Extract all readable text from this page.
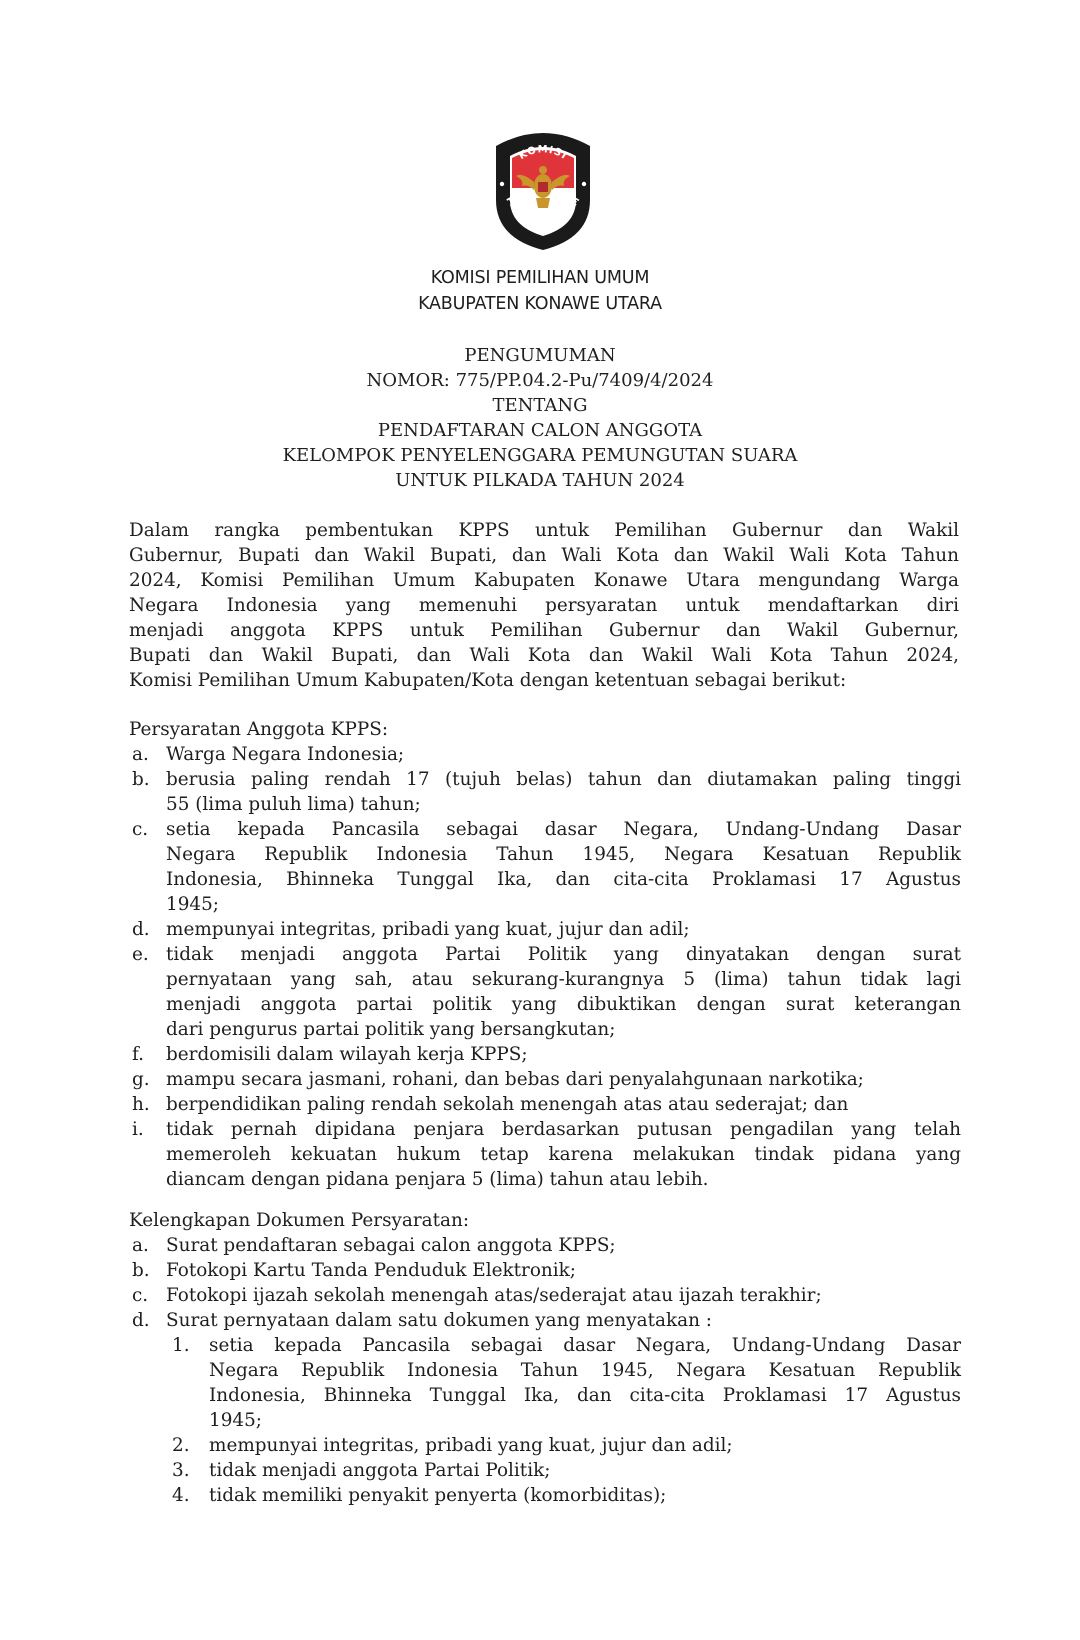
KOMISI
PEMILIHAN UMUM
KOMISI PEMILIHAN UMUM
KABUPATEN KONAWE UTARA
PENGUMUMAN
NOMOR: 775/PP.04.2-Pu/7409/4/2024
TENTANG
PENDAFTARAN CALON ANGGOTA
KELOMPOK PENYELENGGARA PEMUNGUTAN SUARA
UNTUK PILKADA TAHUN 2024
Dalam rangka pembentukan KPPS untuk Pemilihan Gubernur dan Wakil
Gubernur, Bupati dan Wakil Bupati, dan Wali Kota dan Wakil Wali Kota Tahun
2024, Komisi Pemilihan Umum Kabupaten Konawe Utara mengundang Warga
Negara Indonesia yang memenuhi persyaratan untuk mendaftarkan diri
menjadi anggota KPPS untuk Pemilihan Gubernur dan Wakil Gubernur,
Bupati dan Wakil Bupati, dan Wali Kota dan Wakil Wali Kota Tahun 2024,
Komisi Pemilihan Umum Kabupaten/Kota dengan ketentuan sebagai berikut:
Persyaratan Anggota KPPS:
a. Warga Negara Indonesia;
b. berusia paling rendah 17 (tujuh belas) tahun dan diutamakan paling tinggi
55 (lima puluh lima) tahun;
c. setia kepada Pancasila sebagai dasar Negara, Undang-Undang Dasar
Negara Republik Indonesia Tahun 1945, Negara Kesatuan Republik
Indonesia, Bhinneka Tunggal Ika, dan cita-cita Proklamasi 17 Agustus
1945;
d. mempunyai integritas, pribadi yang kuat, jujur dan adil;
e. tidak menjadi anggota Partai Politik yang dinyatakan dengan surat
pernyataan yang sah, atau sekurang-kurangnya 5 (lima) tahun tidak lagi
menjadi anggota partai politik yang dibuktikan dengan surat keterangan
dari pengurus partai politik yang bersangkutan;
f. berdomisili dalam wilayah kerja KPPS;
g. mampu secara jasmani, rohani, dan bebas dari penyalahgunaan narkotika;
h. berpendidikan paling rendah sekolah menengah atas atau sederajat; dan
i. tidak pernah dipidana penjara berdasarkan putusan pengadilan yang telah
memeroleh kekuatan hukum tetap karena melakukan tindak pidana yang
diancam dengan pidana penjara 5 (lima) tahun atau lebih.
Kelengkapan Dokumen Persyaratan:
a. Surat pendaftaran sebagai calon anggota KPPS;
b. Fotokopi Kartu Tanda Penduduk Elektronik;
c. Fotokopi ijazah sekolah menengah atas/sederajat atau ijazah terakhir;
d. Surat pernyataan dalam satu dokumen yang menyatakan :
1. setia kepada Pancasila sebagai dasar Negara, Undang-Undang Dasar
Negara Republik Indonesia Tahun 1945, Negara Kesatuan Republik
Indonesia, Bhinneka Tunggal Ika, dan cita-cita Proklamasi 17 Agustus
1945;
2. mempunyai integritas, pribadi yang kuat, jujur dan adil;
3. tidak menjadi anggota Partai Politik;
4. tidak memiliki penyakit penyerta (komorbiditas);
